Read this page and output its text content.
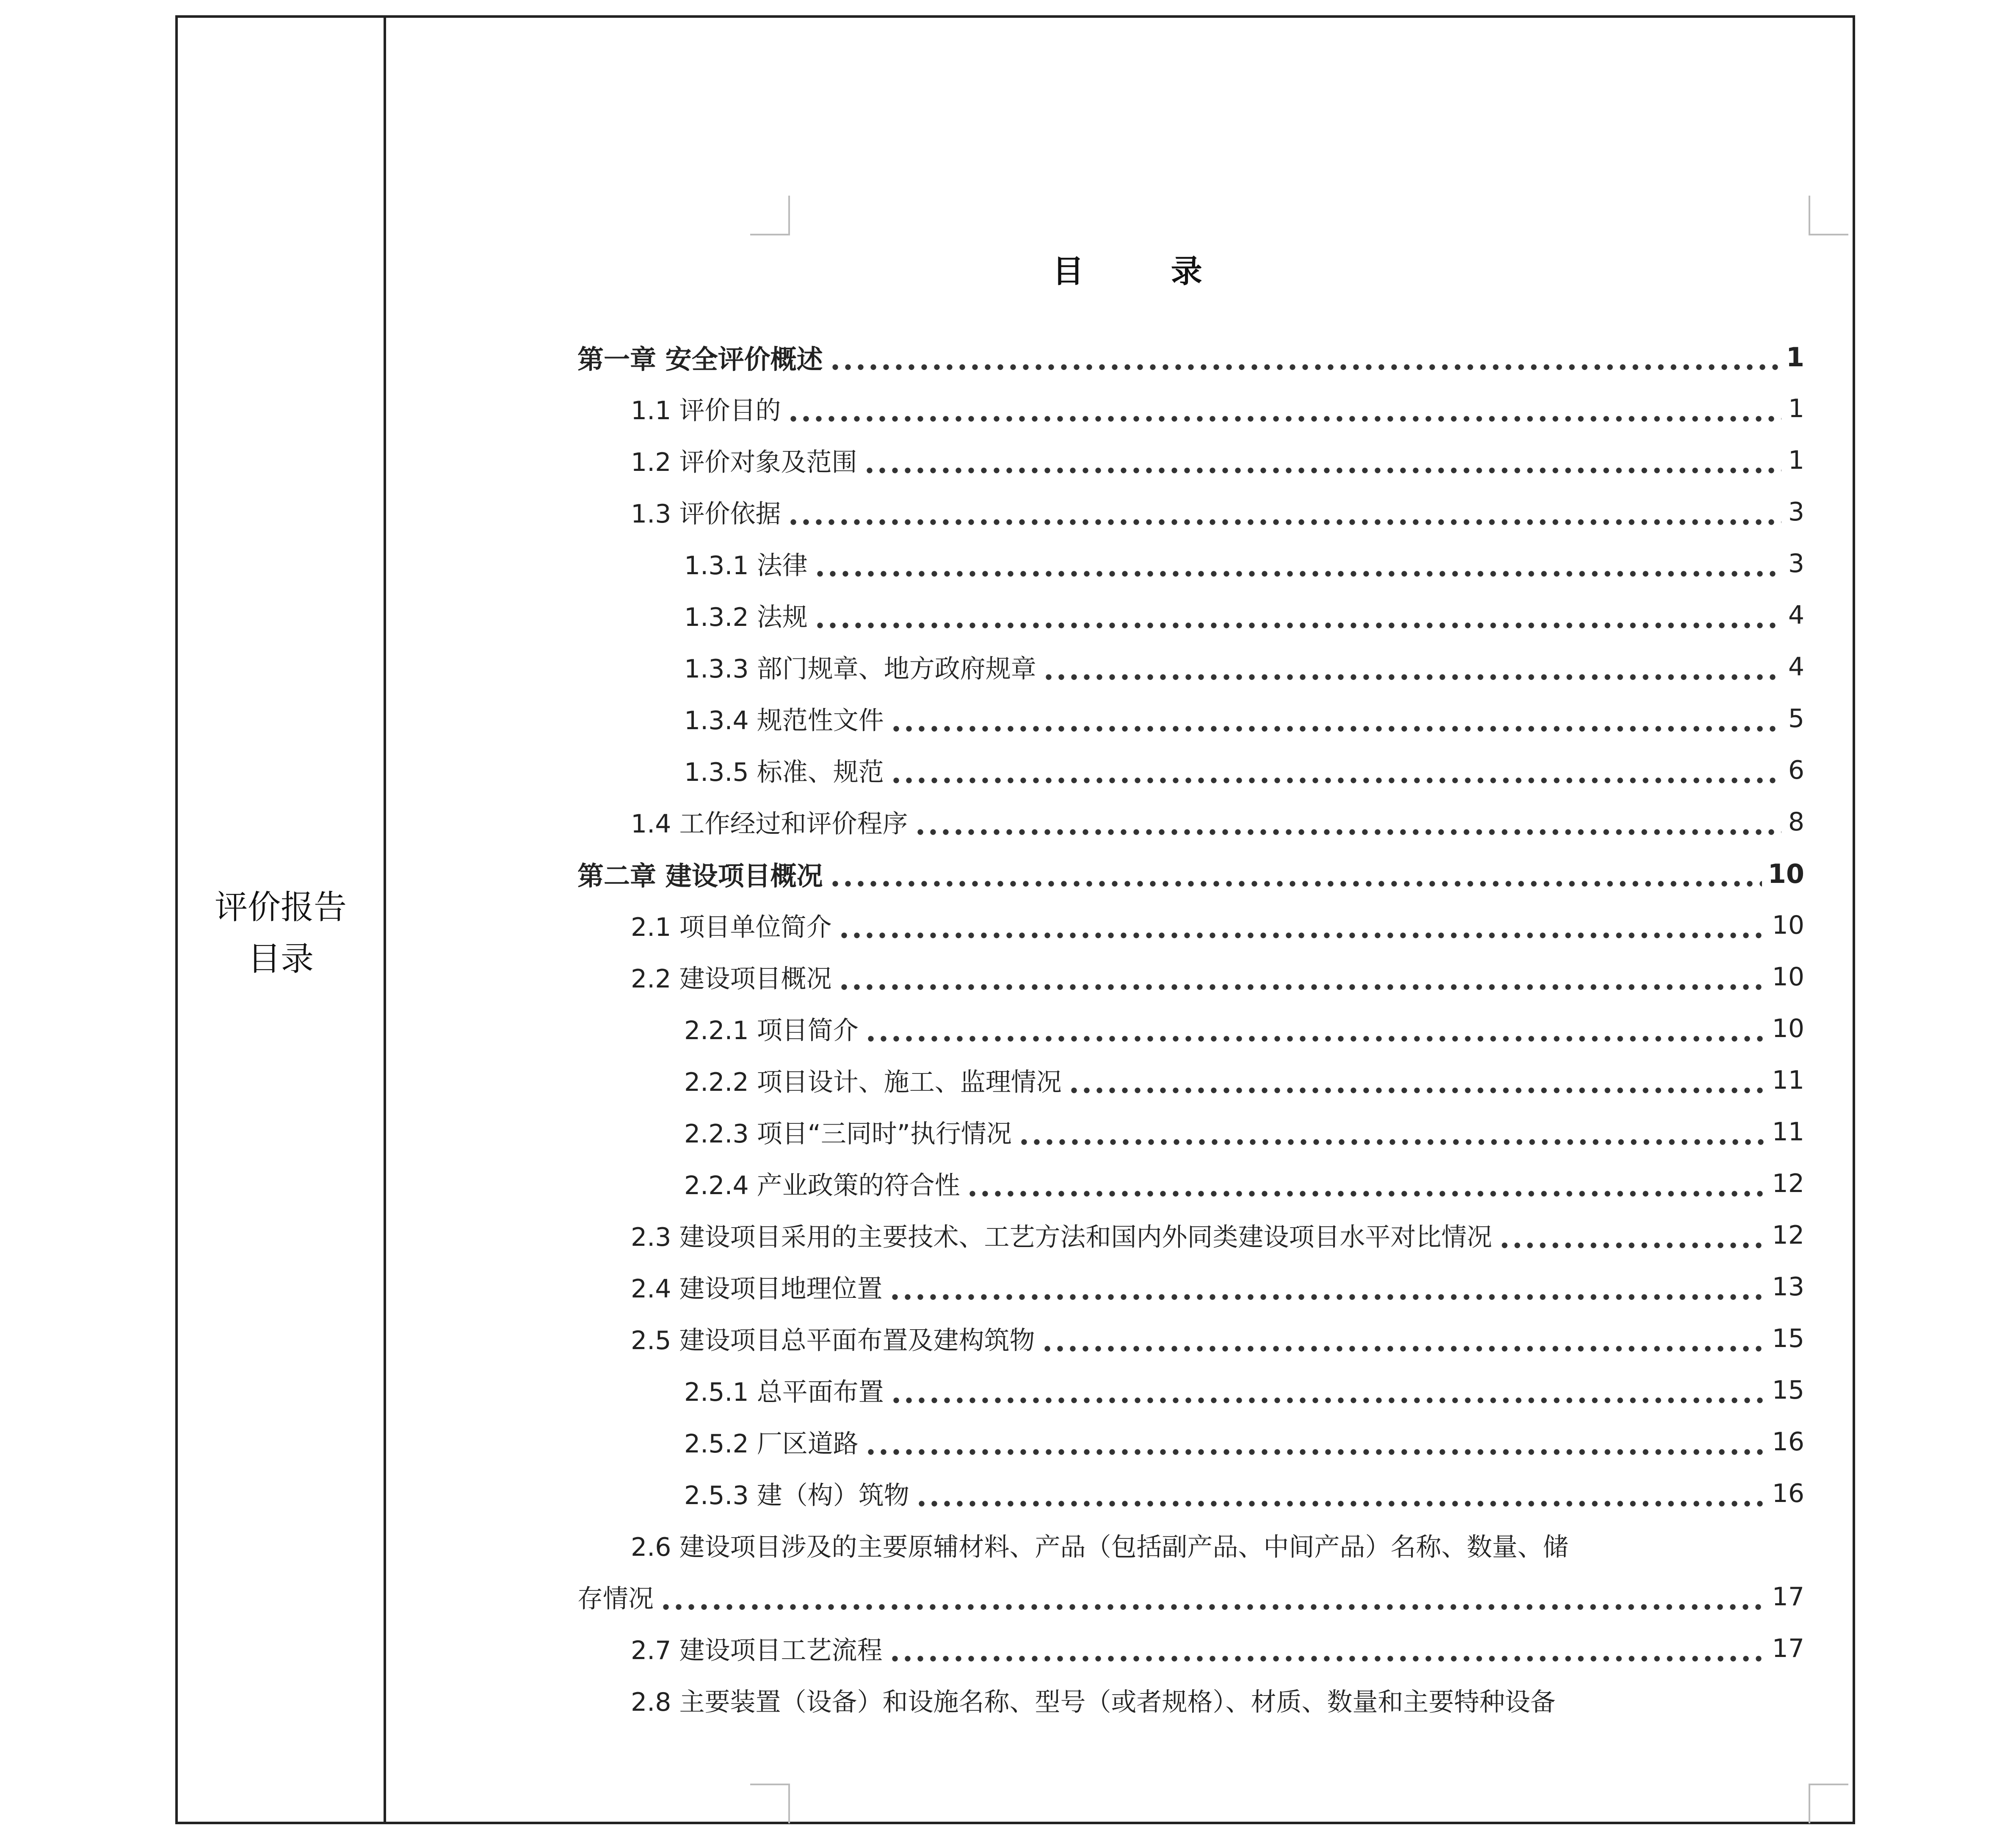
评价报告
目录
目 录
第一章 安全评价概述	1
1.1 评价目的	1
1.2 评价对象及范围	1
1.3 评价依据	3
1.3.1 法律	3
1.3.2 法规	4
1.3.3 部门规章、地方政府规章	4
1.3.4 规范性文件	5
1.3.5 标准、规范	6
1.4 工作经过和评价程序	8
第二章 建设项目概况	10
2.1 项目单位简介	10
2.2 建设项目概况	10
2.2.1 项目简介	10
2.2.2 项目设计、施工、监理情况	11
2.2.3 项目“三同时”执行情况	11
2.2.4 产业政策的符合性	12
2.3 建设项目采用的主要技术、工艺方法和国内外同类建设项目水平对比情况	12
2.4 建设项目地理位置	13
2.5 建设项目总平面布置及建构筑物	15
2.5.1 总平面布置	15
2.5.2 厂区道路	16
2.5.3 建（构）筑物	16
2.6 建设项目涉及的主要原辅材料、产品（包括副产品、中间产品）名称、数量、储
存情况	17
2.7 建设项目工艺流程	17
2.8 主要装置（设备）和设施名称、型号（或者规格）、材质、数量和主要特种设备
